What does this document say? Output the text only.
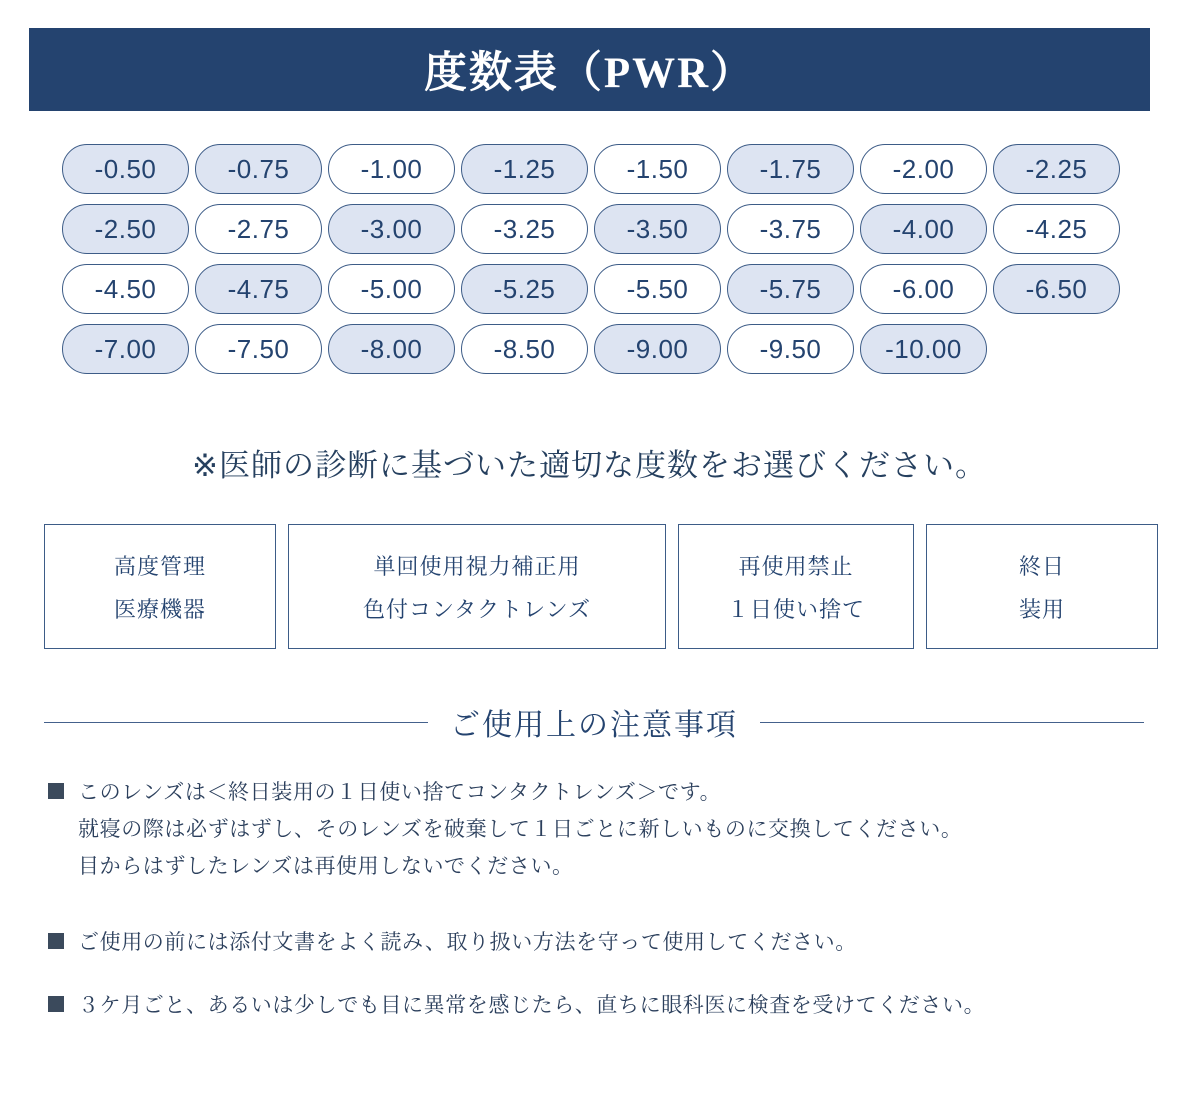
度数表（PWR）
-0.50	-0.75	-1.00	-1.25	-1.50	-1.75	-2.00	-2.25
-2.50	-2.75	-3.00	-3.25	-3.50	-3.75	-4.00	-4.25
-4.50	-4.75	-5.00	-5.25	-5.50	-5.75	-6.00	-6.50
-7.00	-7.50	-8.00	-8.50	-9.00	-9.50	-10.00
※医師の診断に基づいた適切な度数をお選びください。
高度管理
医療機器
単回使用視力補正用
色付コンタクトレンズ
再使用禁止
１日使い捨て
終日
装用
ご使用上の注意事項
このレンズは＜終日装用の１日使い捨てコンタクトレンズ＞です。
就寝の際は必ずはずし、そのレンズを破棄して１日ごとに新しいものに交換してください。
目からはずしたレンズは再使用しないでください。
ご使用の前には添付文書をよく読み、取り扱い方法を守って使用してください。
３ケ月ごと、あるいは少しでも目に異常を感じたら、直ちに眼科医に検査を受けてください。
